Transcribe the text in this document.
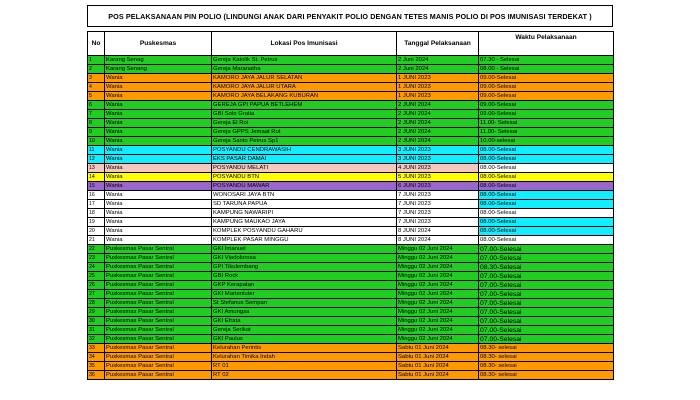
POS PELAKSANAAN PIN POLIO (LINDUNGI ANAK DARI PENYAKIT POLIO DENGAN TETES MANIS POLIO DI POS IMUNISASI TERDEKAT )
No	Puskesmas	Lokasi Pos Imunisasi	Tanggal Pelaksanaan	Waktu Pelaksanaan
1	Karang Senag	Gereja Katolik St. Petrus	2 Juni 2024	07.30 - Selesai
2	Karang Senang	Gereja Maranatha	2 Juni 2024	08.00 - Selesai
3	Wania	KAMORO JAYA JALUR SELATAN	1 JUNI 2023	09.00-Selesai
4	Wania	KAMORO JAYA JALUR UTARA	1 JUNI 2023	09.00-Selesai
5	Wania	KAMORO JAYA BELAKANG KUBURAN	1 JUNI 2023	09.00-Selesai
6	Wania	GEREJA GPI PAPUA BETLEHEM	2 JUNI 2024	09.00-Selesai
7	Wania	GBI Solo Gratia	2 JUNI 2024	09.00-Selesai
8	Wania	Gereja El Roi	2 JUNI 2024	11.00- Selesai
9	Wania	Gereja GPPS Jemaat Rut	2 JUNI 2024	11.00- Selesai
10	Wania	Gereja Santo Petrus Sp1	2 JUNI 2024	10.00-selesai
11	Wania	POSYANDU CENDRAWASIH	3 JUNI 2023	08.00-Selesai
12	Wania	EKS PASAR DAMAI	3 JUNI 2023	08.00-Selesai
13	Wania	POSYANDU MELATI	4 JUNI 2023	08.00-Selesai
14	Wania	POSYANDU BTN	5 JUNI 2023	08.00-Selesai
15	Wania	POSYANDU MAWAR	6 JUNI 2023	08.00-Selesai
16	Wania	WONOSARI JAYA BTN	7 JUNI 2023	08.00-Selesai
17	Wania	SD TARUNA PAPUA	7 JUNI 2023	08.00-Selesai
18	Wania	KAMPUNG NAWARIPI	7 JUNI 2023	08.00-Selesai
19	Wania	KAMPUNG MAUKAO JAYA	7 JUNI 2023	08.00-Selesai
20	Wania	KOMPLEK POSYANDU GAHARU	8 JUNI 2024	08.00-Selesai
21	Wania	KOMPLEK PASAR MINGGU	8 JUNI 2024	08.00-Selesai
22	Puskesmas Pasar Sentral	GKI Imanuel	Minggu 02 Juni 2024	07.00-Selesai
23	Puskesmas Pasar Sentral	GKI Viadolorosa	Minggu 02 Juni 2024	07.00-Selesai
24	Puskesmas Pasar Sentral	GPI Tikulembang	Minggu 02 Juni 2024	08.30-Selesai
25	Puskesmas Pasar Sentral	GBI Rock	Minggu 02 Juni 2024	07.00-Selesai
26	Puskesmas Pasar Sentral	GKP Kerapatan	Minggu 02 Juni 2024	07.00-Selesai
27	Puskesmas Pasar Sentral	GKI Martenluter	Minggu 02 Juni 2024	07.00-Selesai
28	Puskesmas Pasar Sentral	St Stefanus Sempan	Minggu 02 Juni 2024	07.00-Selesai
29	Puskesmas Pasar Sentral	GKI Amungsa	Minggu 02 Juni 2024	07.00-Selesai
30	Puskesmas Pasar Sentral	GKI Efrata	Minggu 02 Juni 2024	07.00-Selesai
31	Puskesmas Pasar Sentral	Gereja Serikat	Minggu 02 Juni 2024	07.00-Selesai
32	Puskesmas Pasar Sentral	GKI Paulus	Minggu 02 Juni 2024	07.00-Selesai
33	Puskesmas Pasar Sentral	Kelurahan Perintis	Sabtu 01 Juni 2024	08.30- selesai
34	Puskesmas Pasar Sentral	Kelurahan Timika Indah	Sabtu 01 Juni 2024	08.30- selesai
35	Puskesmas Pasar Sentral	RT 01	Sabtu 01 Juni 2024	08.30- selesai
36	Puskesmas Pasar Sentral	RT 02	Sabtu 01 Juni 2024	08.30- selesai
